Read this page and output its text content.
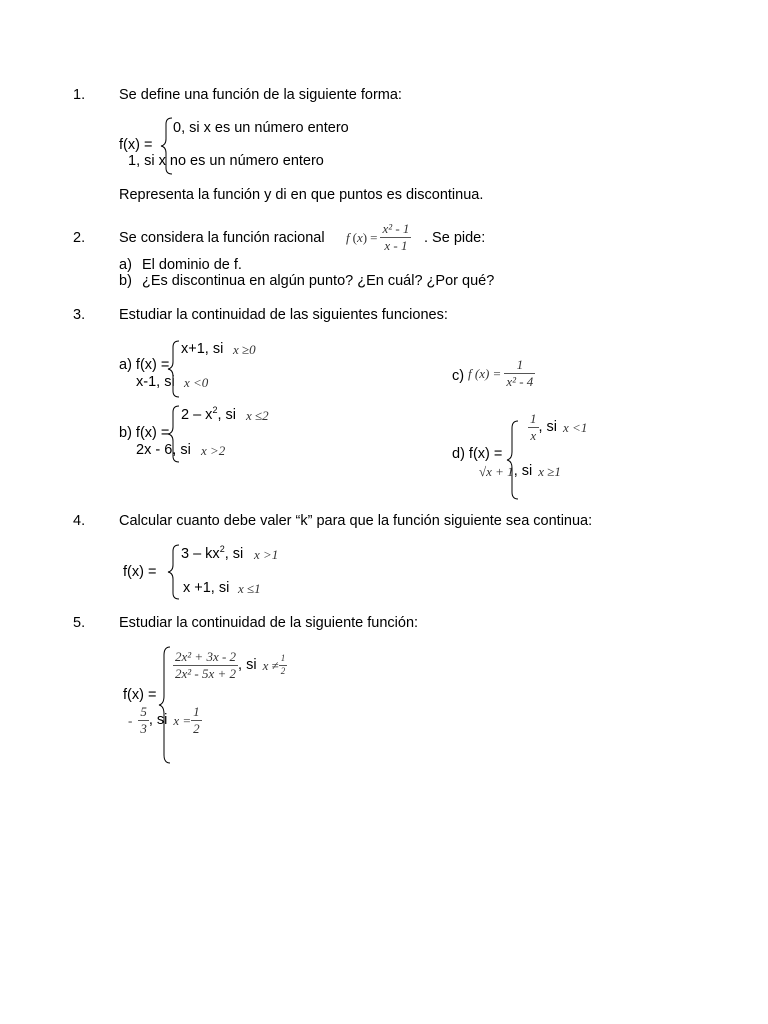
1. Se define una función de la siguiente forma:
0, si x es un número entero
f(x) =
1, si x no es un número entero
Representa la función y di en que puntos es discontinua.
2. Se considera la función racional f ( x ) = $\frac{\text{x² - 1}}{x - 1}$ . Se pide:
a) El dominio de f.
b) ¿Es discontinua en algún punto? ¿En cuál? ¿Por qué?
3. Estudiar la continuidad de las siguientes funciones:
x+1, si x ≥0
a) f(x) =
x-1, si x <0
$2 - x^2$, si x ≤2
b) f(x) =
2x - 6, si x >2
c) f $(x) = \frac{1}{\text{x² - 4}}$
$\frac{1}{x}$ , si x <1
d) f(x) =
√x + 1 , si x ≥1
4. Calcular cuanto debe valer “k” para que la función siguiente sea continua:
$3 - kx^2$, si x >1
f(x) =
x +1, si x ≤1
5. Estudiar la continuidad de la siguiente función:
$\frac{\text{2x² + 3x - 2}}{\text{2x² - 5x + 2}}$ , si $x \ne \frac{1}{2}$
f(x) =
- $\frac{5}{3}$ , si $x = \frac{1}{2}$
